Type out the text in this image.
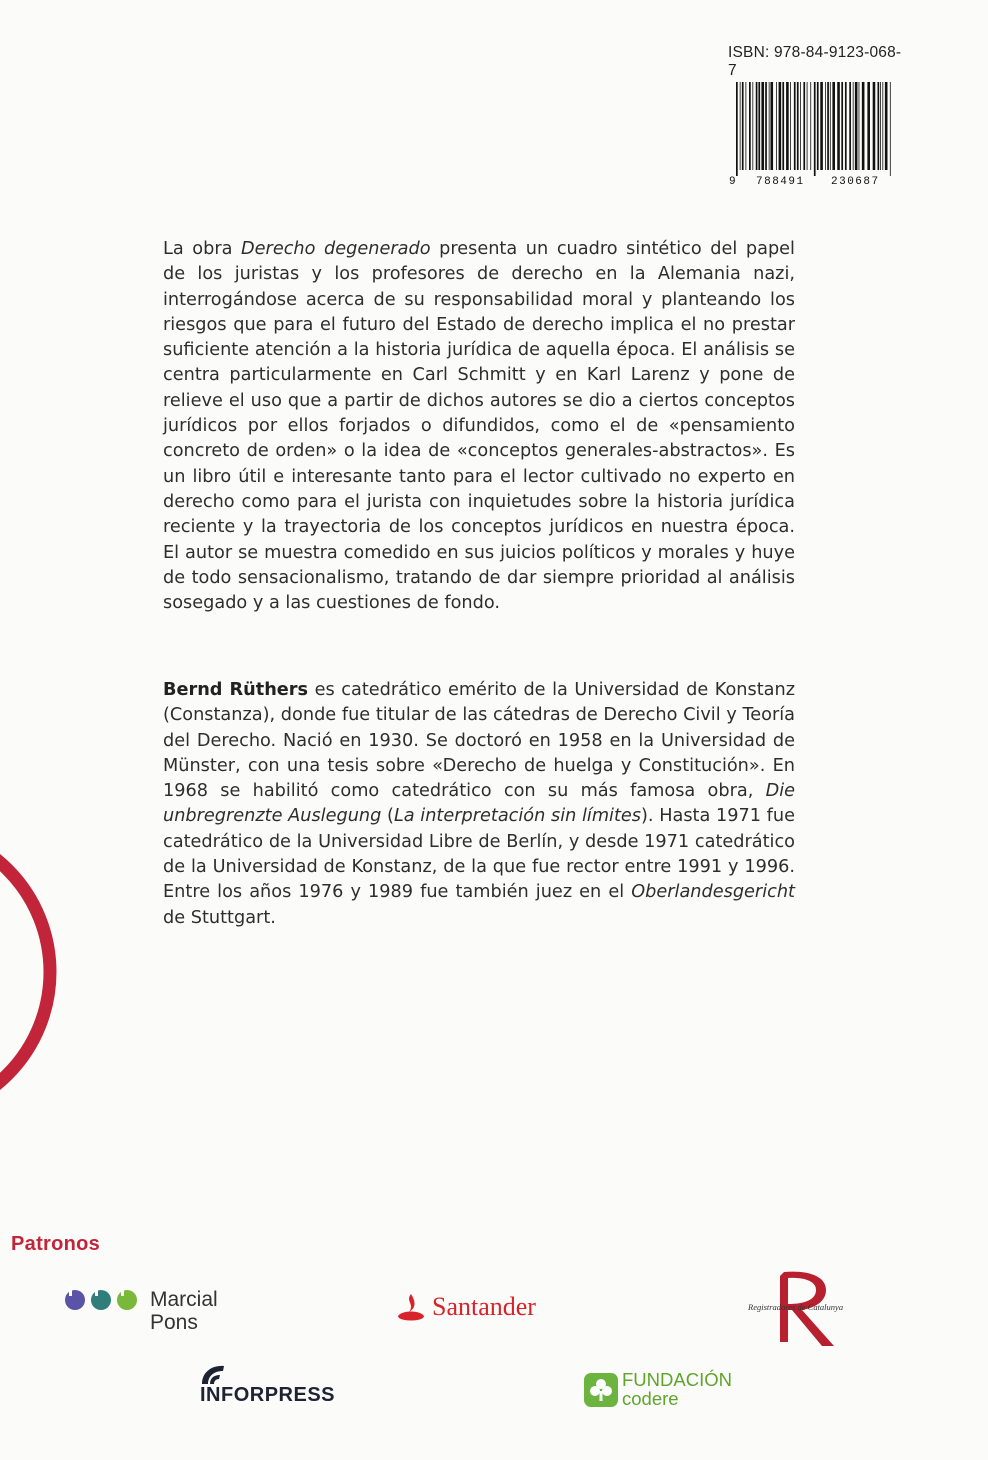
ISBN: 978-84-9123-068-7
9 788491 230687

La obra Derecho degenerado presenta un cuadro sintético del papel de los juristas y los profesores de derecho en la Alemania nazi, interrogándose acerca de su responsabilidad moral y planteando los riesgos que para el futuro del Estado de derecho implica el no prestar suficiente atención a la historia jurídica de aquella época. El análisis se centra particularmente en Carl Schmitt y en Karl Larenz y pone de relieve el uso que a partir de dichos autores se dio a ciertos conceptos jurídicos por ellos forjados o difundidos, como el de «pensamiento concreto de orden» o la idea de «conceptos generales-abstractos». Es un libro útil e interesante tanto para el lector cultivado no experto en derecho como para el jurista con inquietudes sobre la historia jurídica reciente y la trayectoria de los conceptos jurídicos en nuestra época. El autor se muestra comedido en sus juicios políticos y morales y huye de todo sensacionalismo, tratando de dar siempre prioridad al análisis sosegado y a las cuestiones de fondo.

Bernd Rüthers es catedrático emérito de la Universidad de Konstanz (Constanza), donde fue titular de las cátedras de Derecho Civil y Teoría del Derecho. Nació en 1930. Se doctoró en 1958 en la Universidad de Münster, con una tesis sobre «Derecho de huelga y Constitución». En 1968 se habilitó como catedrático con su más famosa obra, Die unbregrenzte Auslegung (La interpretación sin límites). Hasta 1971 fue catedrático de la Universidad Libre de Berlín, y desde 1971 catedrático de la Universidad de Konstanz, de la que fue rector entre 1991 y 1996. Entre los años 1976 y 1989 fue también juez en el Oberlandesgericht de Stuttgart.

Patronos
Marcial
Pons
Santander	Registradores de Catalunya
INFORPRESS
FUNDACIÓN codere
